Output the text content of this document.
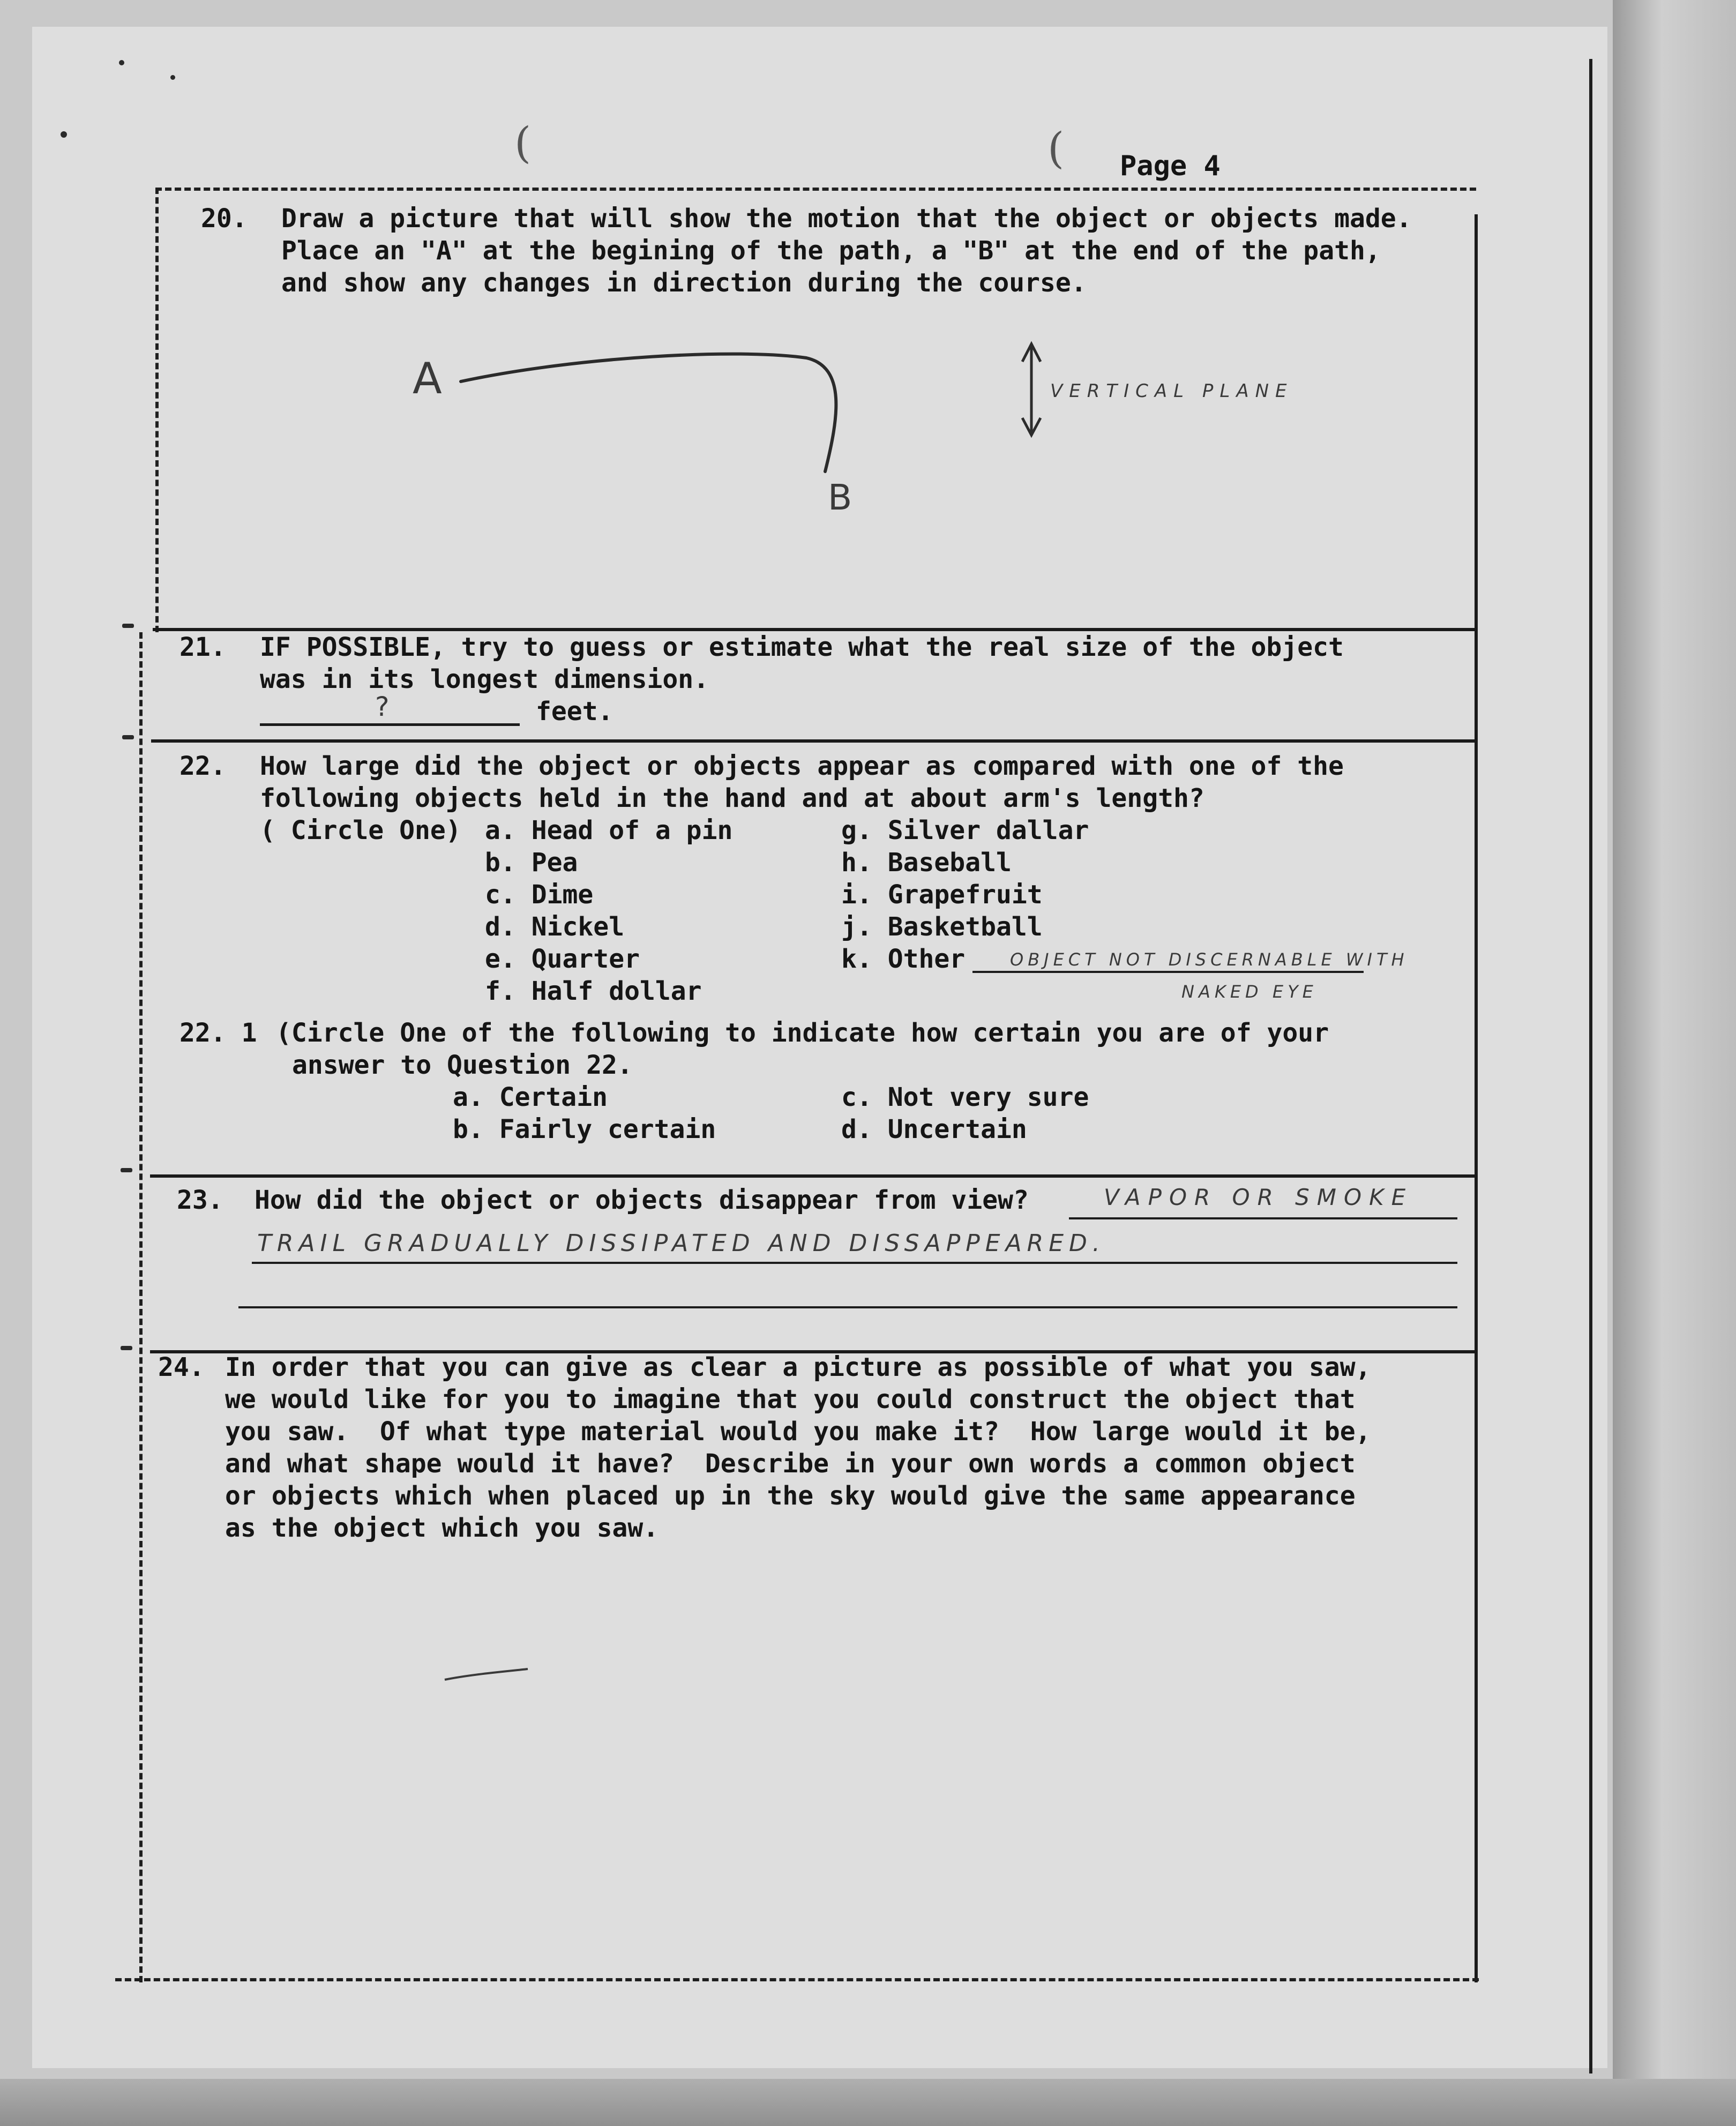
(	( Page 4
20. Draw a picture that will show the motion that the object or objects made.
Place an "A" at the begining of the path, a "B" at the end of the path,
and show any changes in direction during the course.
A
B
VERTICAL PLANE
21. IF POSSIBLE, try to guess or estimate what the real size of the object
was in its longest dimension.
?	feet.
22. How large did the object or objects appear as compared with one of the
following objects held in the hand and at about arm's length?
( Circle One) a. Head of a pin
b. Pea
c. Dime
d. Nickel
e. Quarter
f. Half dollar
g. Silver dallar
h. Baseball
i. Grapefruit
j. Basketball
k. Other	OBJECT NOT DISCERNABLE WITH
NAKED EYE
22. 1 (Circle One of the following to indicate how certain you are of your
answer to Question 22.
a. Certain
b. Fairly certain
c. Not very sure
d. Uncertain
23. How did the object or objects disappear from view?	VAPOR OR SMOKE
TRAIL GRADUALLY DISSIPATED AND DISSAPPEARED.
24. In order that you can give as clear a picture as possible of what you saw,
we would like for you to imagine that you could construct the object that
you saw.  Of what type material would you make it?  How large would it be,
and what shape would it have?  Describe in your own words a common object
or objects which when placed up in the sky would give the same appearance
as the object which you saw.
